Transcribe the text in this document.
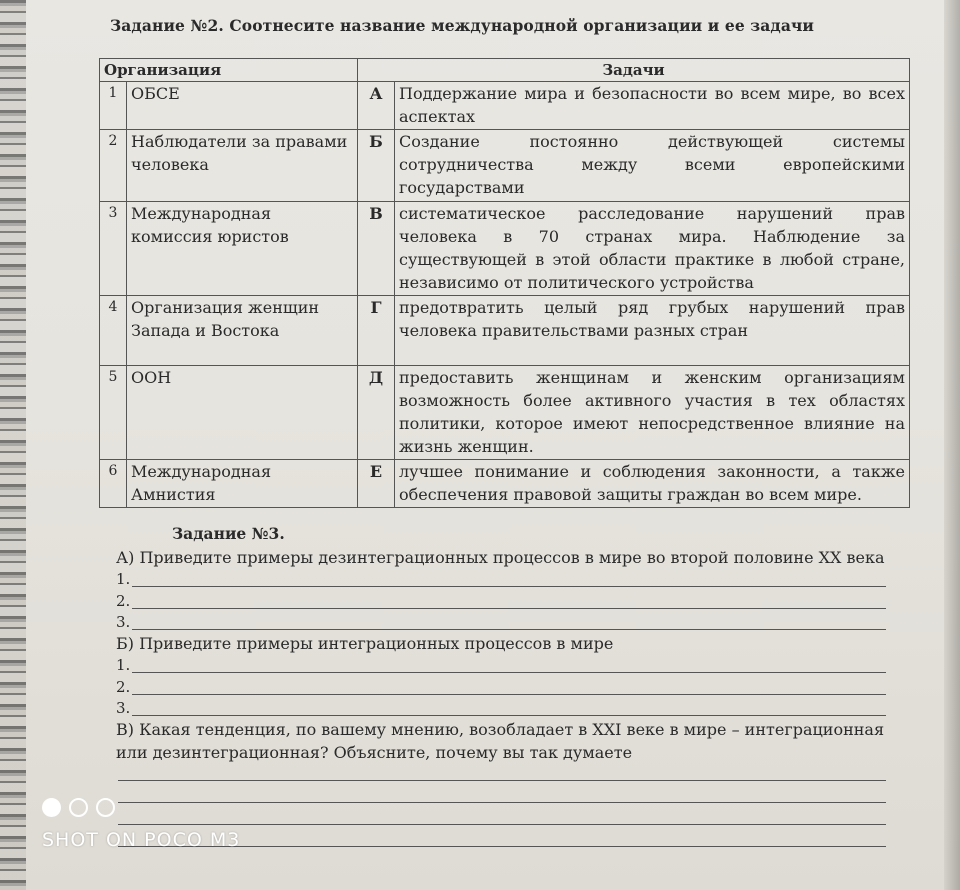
Задание №2. Соотнесите название международной организации и ее задачи
Организация		Задачи	
1	ОБСЕ	А	Поддержание мира и безопасности во всем мире, во всех аспектах
2	Наблюдатели за правами человека	Б	Создание постоянно действующей системы сотрудничества между всеми европейскими государствами
3	Международная комиссия юристов	В	систематическое расследование нарушений прав человека в 70 странах мира. Наблюдение за существующей в этой области практике в любой стране, независимо от политического устройства
4	Организация женщин Запада и Востока	Г	предотвратить целый ряд грубых нарушений прав человека правительствами разных стран
5	ООН	Д	предоставить женщинам и женским организациям возможность более активного участия в тех областях политики, которое имеют непосредственное влияние на жизнь женщин.
6	Международная Амнистия	Е	лучшее понимание и соблюдения законности, а также обеспечения правовой защиты граждан во всем мире.
Задание №3.
А) Приведите примеры дезинтеграционных процессов в мире во второй половине ХХ века
1.
2.
3.
Б) Приведите примеры интеграционных процессов в мире
1.
2.
3.
В) Какая тенденция, по вашему мнению, возобладает в ХХI веке в мире – интеграционная
или дезинтеграционная? Объясните, почему вы так думаете
SHOT ON POCO M3
